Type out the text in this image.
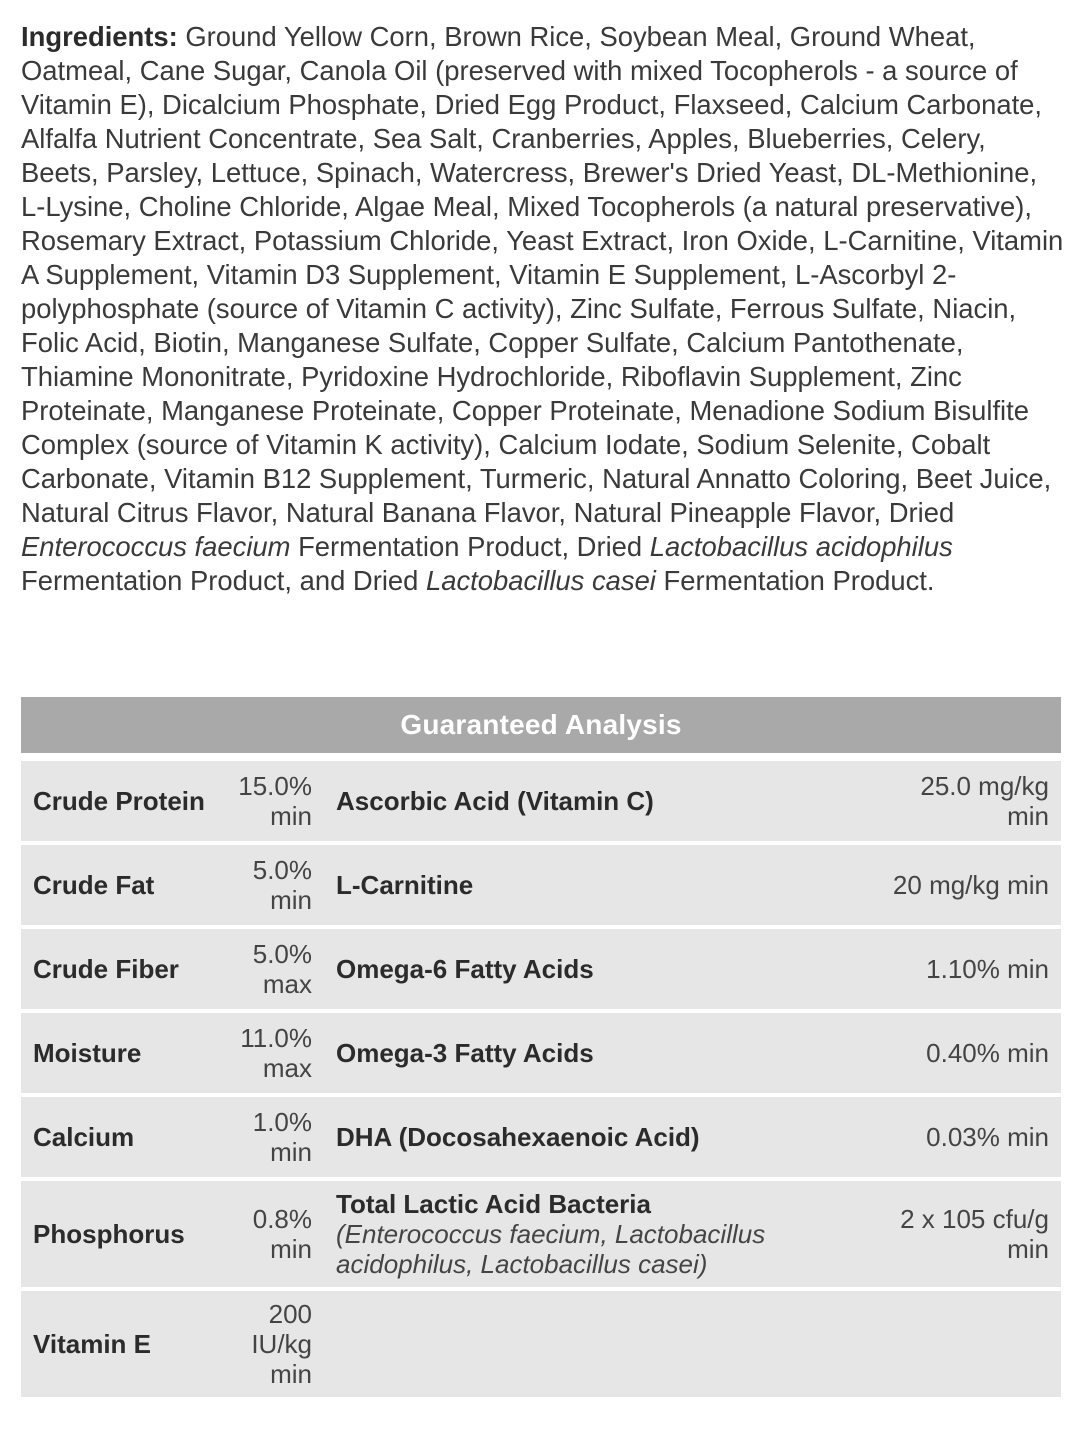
Ingredients: Ground Yellow Corn, Brown Rice, Soybean Meal, Ground Wheat, Oatmeal, Cane Sugar, Canola Oil (preserved with mixed Tocopherols - a source of Vitamin E), Dicalcium Phosphate, Dried Egg Product, Flaxseed, Calcium Carbonate, Alfalfa Nutrient Concentrate, Sea Salt, Cranberries, Apples, Blueberries, Celery, Beets, Parsley, Lettuce, Spinach, Watercress, Brewer's Dried Yeast, DL-Methionine, L-Lysine, Choline Chloride, Algae Meal, Mixed Tocopherols (a natural preservative), Rosemary Extract, Potassium Chloride, Yeast Extract, Iron Oxide, L-Carnitine, Vitamin A Supplement, Vitamin D3 Supplement, Vitamin E Supplement, L-Ascorbyl 2-polyphosphate (source of Vitamin C activity), Zinc Sulfate, Ferrous Sulfate, Niacin, Folic Acid, Biotin, Manganese Sulfate, Copper Sulfate, Calcium Pantothenate, Thiamine Mononitrate, Pyridoxine Hydrochloride, Riboflavin Supplement, Zinc Proteinate, Manganese Proteinate, Copper Proteinate, Menadione Sodium Bisulfite Complex (source of Vitamin K activity), Calcium Iodate, Sodium Selenite, Cobalt Carbonate, Vitamin B12 Supplement, Turmeric, Natural Annatto Coloring, Beet Juice, Natural Citrus Flavor, Natural Banana Flavor, Natural Pineapple Flavor, Dried Enterococcus faecium Fermentation Product, Dried Lactobacillus acidophilus Fermentation Product, and Dried Lactobacillus casei Fermentation Product.

Guaranteed Analysis			

Crude Protein	15.0% min	Ascorbic Acid (Vitamin C)	25.0 mg/kg min

Crude Fat	5.0% min	L-Carnitine	20 mg/kg min

Crude Fiber	5.0% max	Omega-6 Fatty Acids	1.10% min

Moisture	11.0% max	Omega-3 Fatty Acids	0.40% min

Calcium	1.0% min	DHA (Docosahexaenoic Acid)	0.03% min

Phosphorus	0.8% min	Total Lactic Acid Bacteria
(Enterococcus faecium, Lactobacillus acidophilus, Lactobacillus casei)	2 x 105 cfu/g min

Vitamin E	200 IU/kg min		
